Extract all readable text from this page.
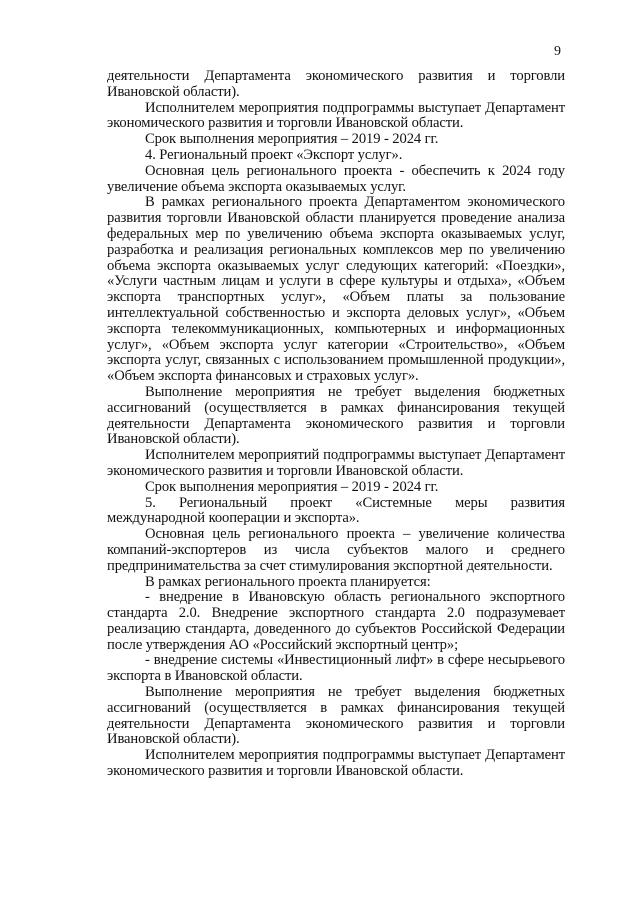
9

деятельности Департамента экономического развития и торговли Ивановской области).

Исполнителем мероприятия подпрограммы выступает Департамент экономического развития и торговли Ивановской области.

Срок выполнения мероприятия – 2019 - 2024 гг.

4. Региональный проект «Экспорт услуг».

Основная цель регионального проекта - обеспечить к 2024 году увеличение объема экспорта оказываемых услуг.

В рамках регионального проекта Департаментом экономического развития торговли Ивановской области планируется проведение анализа федеральных мер по увеличению объема экспорта оказываемых услуг, разработка и реализация региональных комплексов мер по увеличению объема экспорта оказываемых услуг следующих категорий: «Поездки», «Услуги частным лицам и услуги в сфере культуры и отдыха», «Объем экспорта транспортных услуг», «Объем платы за пользование интеллектуальной собственностью и экспорта деловых услуг», «Объем экспорта телекоммуникационных, компьютерных и информационных услуг», «Объем экспорта услуг категории «Строительство», «Объем экспорта услуг, связанных с использованием промышленной продукции», «Объем экспорта финансовых и страховых услуг».

Выполнение мероприятия не требует выделения бюджетных ассигнований (осуществляется в рамках финансирования текущей деятельности Департамента экономического развития и торговли Ивановской области).

Исполнителем мероприятий подпрограммы выступает Департамент экономического развития и торговли Ивановской области.

Срок выполнения мероприятия – 2019 - 2024 гг.

5. Региональный проект «Системные меры развития международной кооперации и экспорта».

Основная цель регионального проекта – увеличение количества компаний-экспортеров из числа субъектов малого и среднего предпринимательства за счет стимулирования экспортной деятельности.

В рамках регионального проекта планируется:

- внедрение в Ивановскую область регионального экспортного стандарта 2.0. Внедрение экспортного стандарта 2.0 подразумевает реализацию стандарта, доведенного до субъектов Российской Федерации после утверждения АО «Российский экспортный центр»;

- внедрение системы «Инвестиционный лифт» в сфере несырьевого экспорта в Ивановской области.

Выполнение мероприятия не требует выделения бюджетных ассигнований (осуществляется в рамках финансирования текущей деятельности Департамента экономического развития и торговли Ивановской области).

Исполнителем мероприятия подпрограммы выступает Департамент экономического развития и торговли Ивановской области.
